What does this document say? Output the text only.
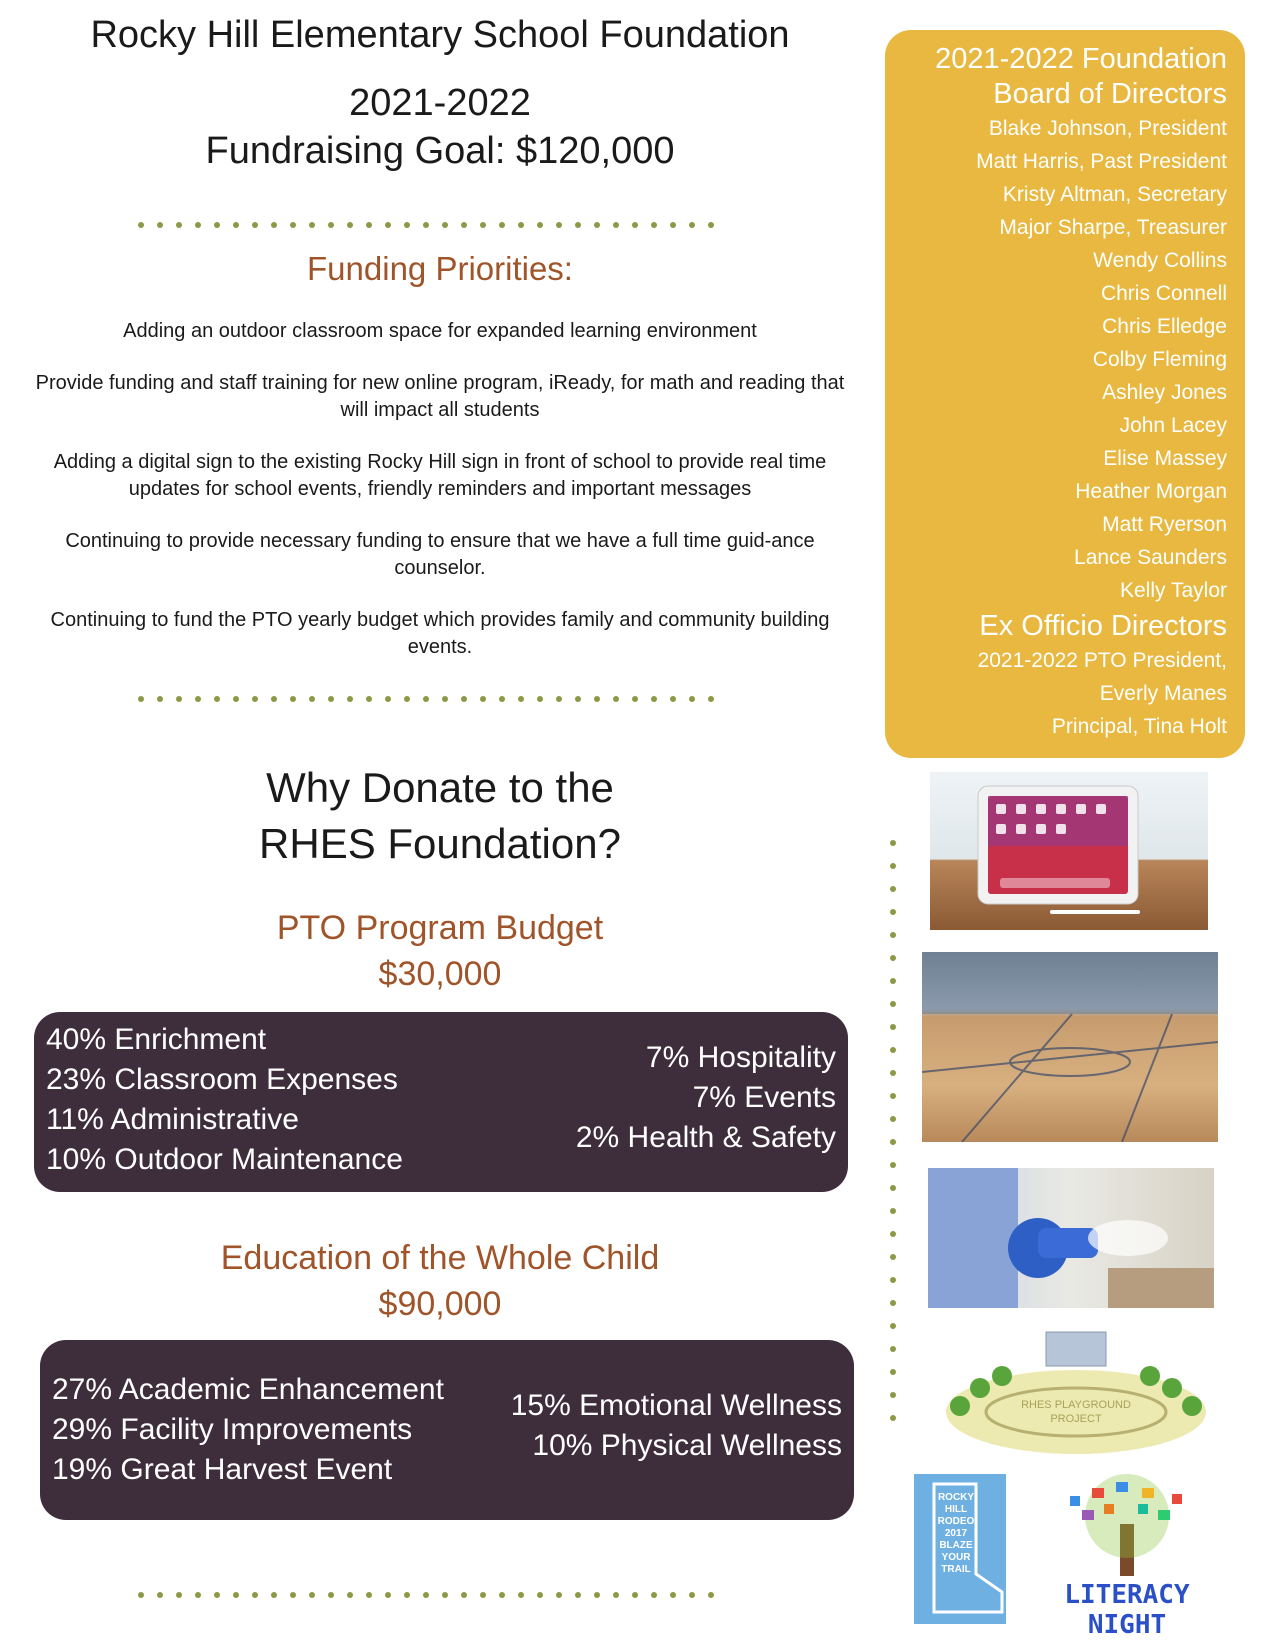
Rocky Hill Elementary School Foundation
2021-2022
Fundraising Goal: $120,000
Funding Priorities:
Adding an outdoor classroom space for expanded learning environment
Provide funding and staff training for new online program, iReady, for math and reading that will impact all students
Adding a digital sign to the existing Rocky Hill sign in front of school to provide real time updates for school events, friendly reminders and important messages
Continuing to provide necessary funding to ensure that we have a full time guid-ance counselor.
Continuing to fund the PTO yearly budget which provides family and community building events.
Why Donate to the
RHES Foundation?
PTO Program Budget
$30,000
40% Enrichment
23% Classroom Expenses
11% Administrative
10% Outdoor Maintenance
7% Hospitality
7% Events
2% Health & Safety
Education of the Whole Child
$90,000
27% Academic Enhancement
29% Facility Improvements
19% Great Harvest Event
15% Emotional Wellness
10% Physical Wellness
2021-2022 Foundation
Board of Directors
Blake Johnson, President
Matt Harris, Past President
Kristy Altman, Secretary
Major Sharpe, Treasurer
Wendy Collins
Chris Connell
Chris Elledge
Colby Fleming
Ashley Jones
John Lacey
Elise Massey
Heather Morgan
Matt Ryerson
Lance Saunders
Kelly Taylor
Ex Officio Directors
2021-2022 PTO President,
Everly Manes
Principal, Tina Holt
RHES PLAYGROUND
PROJECT
ROCKY HILL RODEO 2017 BLAZE YOUR TRAIL
LITERACY NIGHT
